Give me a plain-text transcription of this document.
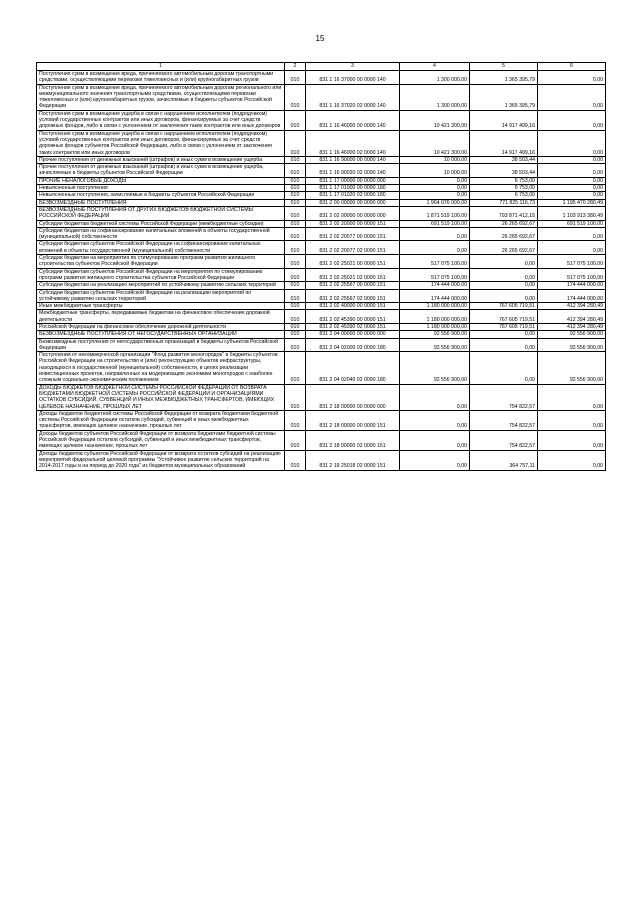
15
1	2	3	4	5	6
Поступления сумм в возмещение вреда, причиняемого автомобильным дорогам транспортными средствами, осуществляющими перевозки тяжеловесных и (или) крупногабаритных грузов	010	831 1 16 37000 00 0000 140	1 300 000,00	1 365 395,79	0,00
Поступления сумм в возмещение вреда, причиняемого автомобильным дорогам регионального или межмуниципального значения транспортными средствами, осуществляющими перевозки тяжеловесных и (или) крупногабаритных грузов, зачисляемые в бюджеты субъектов Российской Федерации	010	831 1 16 37020 02 0000 140	1 300 000,00	1 365 395,79	0,00
Поступления сумм в возмещение ущерба в связи с нарушением исполнителем (подрядчиком) условий государственных контрактов или иных договоров, финансируемых за счет средств дорожных фондов, либо в связи с уклонением от заключения таких контрактов или иных договоров	010	831 1 16 46000 00 0000 140	10 421 300,00	14 917 499,16	0,00
Поступления сумм в возмещение ущерба в связи с нарушением исполнителем (подрядчиком) условий государственных контрактов или иных договоров, финансируемых за счет средств дорожных фондов субъектов Российской Федерации, либо в связи с уклонением от заключения таких контрактов или иных договоров	010	831 1 16 46000 02 0000 140	10 421 300,00	14 917 499,16	0,00
Прочие поступления от денежных взысканий (штрафов) и иных сумм в возмещение ущерба	010	831 1 16 90000 00 0000 140	10 000,00	38 503,44	0,00
Прочие поступления от денежных взысканий (штрафов) и иных сумм в возмещение ущерба, зачисляемые в бюджеты субъектов Российской Федерации	010	831 1 16 90020 02 0000 140	10 000,00	38 503,44	0,00
ПРОЧИЕ НЕНАЛОГОВЫЕ ДОХОДЫ	010	831 1 17 00000 00 0000 000	0,00	6 753,00	0,00
Невыясненные поступления	010	831 1 17 01000 00 0000 180	0,00	6 753,00	0,00
Невыясненные поступления, зачисляемые в бюджеты субъектов Российской Федерации	010	831 1 17 01020 02 0000 180	0,00	6 753,00	0,00
БЕЗВОЗМЕЗДНЫЕ ПОСТУПЛЕНИЯ	010	831 2 00 00000 00 0000 000	1 964 076 000,00	771 825 116,73	1 195 470 280,49
БЕЗВОЗМЕЗДНЫЕ ПОСТУПЛЕНИЯ ОТ ДРУГИХ БЮДЖЕТОВ БЮДЖЕТНОЙ СИСТЕМЫ РОССИЙСКОЙ ФЕДЕРАЦИИ	010	831 2 02 00000 00 0000 000	1 871 519 100,00	793 871 412,15	1 103 913 380,49
Субсидии бюджетам бюджетной системы Российской Федерации (межбюджетные субсидии)	010	831 2 02 20000 00 0000 151	691 519 100,00	26 265 692,67	691 519 100,00
Субсидии бюджетам на софинансирование капитальных вложений в объекты государственной (муниципальной) собственности	010	831 2 02 20077 00 0000 151	0,00	26 265 692,67	0,00
Субсидии бюджетам субъектов Российской Федерации на софинансирование капитальных вложений в объекты государственной (муниципальной) собственности	010	831 2 02 20077 02 0000 151	0,00	26 265 692,67	0,00
Субсидии бюджетам на мероприятия по стимулированию программ развития жилищного строительства субъектов Российской Федерации	010	831 2 02 25021 00 0000 151	517 075 100,00	0,00	517 075 100,00
Субсидии бюджетам субъектов Российской Федерации на мероприятия по стимулированию программ развития жилищного строительства субъектов Российской Федерации	010	831 2 02 25021 02 0000 151	517 075 100,00	0,00	517 075 100,00
Субсидии бюджетам на реализацию мероприятий по устойчивому развитию сельских территорий	010	831 2 02 25567 00 0000 151	174 444 000,00	0,00	174 444 000,00
Субсидии бюджетам субъектов Российской Федерации на реализацию мероприятий по устойчивому развитию сельских территорий	010	831 2 02 25567 02 0000 151	174 444 000,00	0,00	174 444 000,00
Иные межбюджетные трансферты	010	831 2 02 40000 00 0000 151	1 180 000 000,00	767 605 719,51	412 394 280,49
Межбюджетные трансферты, передаваемые бюджетам на финансовое обеспечение дорожной деятельности	010	831 2 02 45390 00 0000 151	1 180 000 000,00	767 605 719,51	412 394 280,49
Российской Федерации на финансовое обеспечение дорожной деятельности	010	831 2 02 45390 02 0000 151	1 180 000 000,00	767 605 719,51	412 394 280,49
БЕЗВОЗМЕЗДНЫЕ ПОСТУПЛЕНИЯ ОТ НЕГОСУДАРСТВЕННЫХ ОРГАНИЗАЦИЙ	010	831 2 04 00000 00 0000 000	92 556 900,00	0,00	92 556 900,00
Безвозмездные поступления от негосударственных организаций в бюджеты субъектов Российской Федерации	010	831 2 04 02000 02 0000 180	92 556 900,00	0,00	92 556 900,00
Поступления от некоммерческой организации "Фонд развития моногородов" в бюджеты субъектов Российской Федерации на строительство и (или) реконструкцию объектов инфраструктуры, находящихся в государственной (муниципальной) собственности, в целях реализации инвестиционных проектов, направленных на модернизацию экономики моногородов с наиболее сложным социально-экономическим положением	010	831 2 04 02040 02 0000 180	92 556 900,00	0,00	92 556 900,00
ДОХОДЫ БЮДЖЕТОВ БЮДЖЕТНОЙ СИСТЕМЫ РОССИЙСКОЙ ФЕДЕРАЦИИ ОТ ВОЗВРАТА БЮДЖЕТАМИ БЮДЖЕТНОЙ СИСТЕМЫ РОССИЙСКОЙ ФЕДЕРАЦИИ И ОРГАНИЗАЦИЯМИ ОСТАТКОВ СУБСИДИЙ, СУБВЕНЦИЙ И ИНЫХ МЕЖБЮДЖЕТНЫХ ТРАНСФЕРТОВ, ИМЕЮЩИХ ЦЕЛЕВОЕ НАЗНАЧЕНИЕ, ПРОШЛЫХ ЛЕТ	010	831 2 18 00000 00 0000 000	0,00	754 822,57	0,00
Доходы бюджетов бюджетной системы Российской Федерации от возврата бюджетами бюджетной системы Российской Федерации остатков субсидий, субвенций и иных межбюджетных трансфертов, имеющих целевое назначение, прошлых лет	010	831 2 18 00000 00 0000 151	0,00	754 822,57	0,00
Доходы бюджетов субъектов Российской Федерации от возврата бюджетами бюджетной системы Российской Федерации остатков субсидий, субвенций и иных межбюджетных трансфертов, имеющих целевое назначение, прошлых лет	010	831 2 18 00000 02 0000 151	0,00	754 822,57	0,00
Доходы бюджетов субъектов Российской Федерации от возврата остатков субсидий на реализацию мероприятий федеральной целевой программы "Устойчивое развитие сельских территорий на 2014-2017 годы и на период до 2020 года" из бюджетов муниципальных образований	010	831 2 18 25018 02 0000 151	0,00	364 757,11	0,00
